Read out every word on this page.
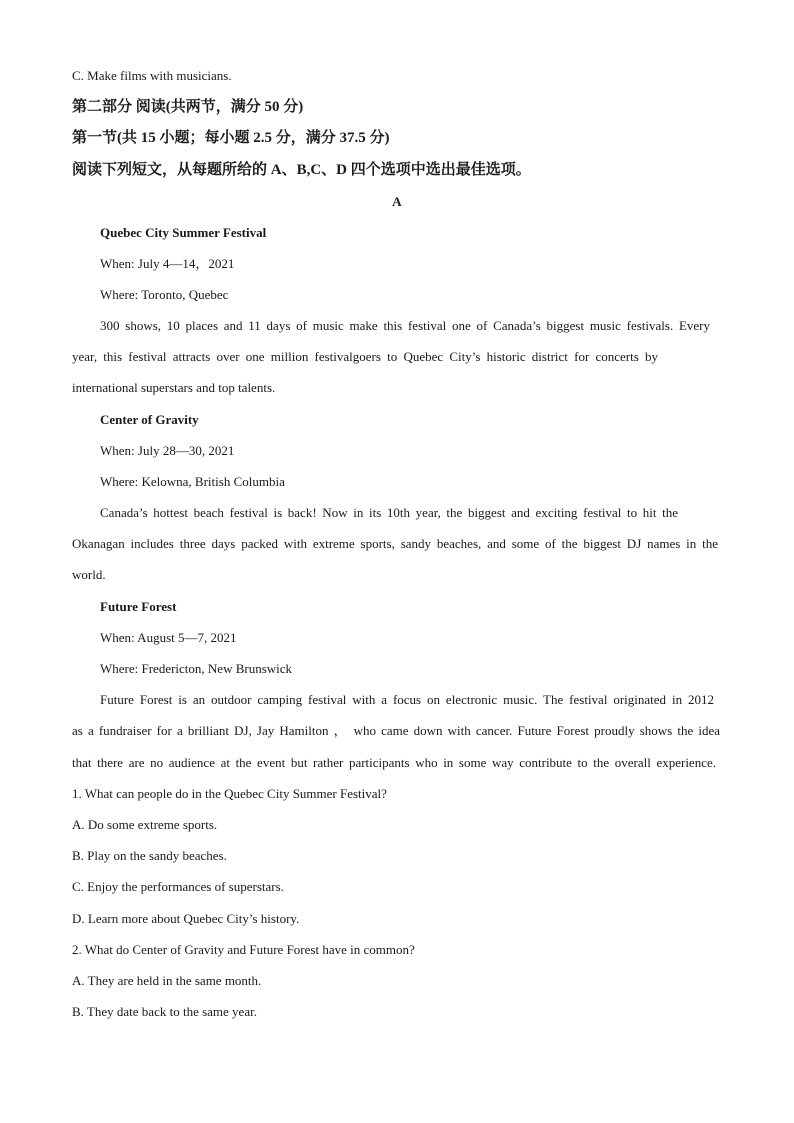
C. Make films with musicians.
第二部分 阅读(共两节，满分 50 分)
第一节(共 15 小题；每小题 2.5 分，满分 37.5 分)
阅读下列短文，从每题所给的 A、B,C、D 四个选项中选出最佳选项。
A
Quebec City Summer Festival
When: July 4—14，2021
Where: Toronto, Quebec
300 shows, 10 places and 11 days of music make this festival one of Canada’s biggest music festivals. Every
year, this festival attracts over one million festivalgoers to Quebec City’s historic district for concerts by
international superstars and top talents.
Center of Gravity
When: July 28—30, 2021
Where: Kelowna, British Columbia
Canada’s hottest beach festival is back! Now in its 10th year, the biggest and exciting festival to hit the
Okanagan includes three days packed with extreme sports, sandy beaches, and some of the biggest DJ names in the
world.
Future Forest
When: August 5—7, 2021
Where: Fredericton, New Brunswick
Future Forest is an outdoor camping festival with a focus on electronic music. The festival originated in 2012
as a fundraiser for a brilliant DJ, Jay Hamilton ， who came down with cancer. Future Forest proudly shows the idea
that there are no audience at the event but rather participants who in some way contribute to the overall experience.
1. What can people do in the Quebec City Summer Festival?
A. Do some extreme sports.
B. Play on the sandy beaches.
C. Enjoy the performances of superstars.
D. Learn more about Quebec City’s history.
2. What do Center of Gravity and Future Forest have in common?
A. They are held in the same month.
B. They date back to the same year.
